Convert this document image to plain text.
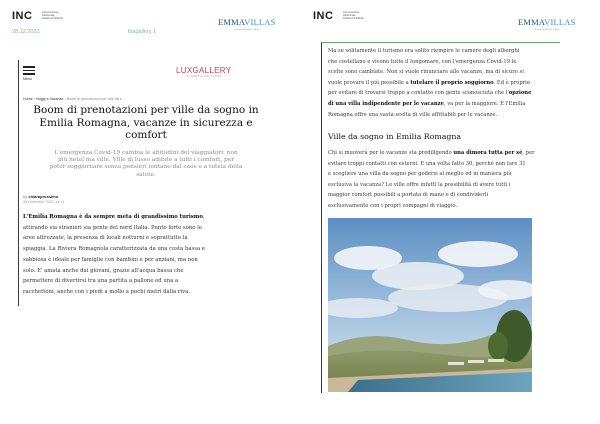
INC	Comunicazione
Istituzionale
Relazioni Pubbliche	EMMAVILLAS
dream holiday villas
28.12.2021	lbagallery 1
INC	Comunicazione
Istituzionale
Relazioni Pubbliche	EMMAVILLAS
dream holiday villas
Menu
LUXGALLERY
IL PORTALE DEL LUSSO
Home › Viaggi e Vacanze › Boom di prenotazioni per ville da s...
Boom di prenotazioni per ville da sogno in
Emilia Romagna, vacanze in sicurezza e
comfort
L'emergenza Covid-19 cambia le abitudini dei viaggiatori: non
più hotel ma ville. Ville di lusso adibite a tutti i comfort, per
poter soggiornare senza pensieri lontano dal caos e a tutela della
salute.
by chiaraprossimo
28 Dicembre 2021 14:11
L'Emilia Romagna è da sempre meta di grandissimo turismo,
attirando sia stranieri sia gente del nord Italia. Punto forte sono le
aree attrezzate, la presenza di locali notturni e soprattutto la
spiaggia. La Riviera Romagnola caratterizzata da una costa bassa e
sabbiosa è ideale per famiglie con bambini e per anziani, ma non
solo. E' amata anche dai giovani, grazie all'acqua bassa che
permettere di divertirsi tra una partita a pallone ed una a
racchettoni, anche con i piedi a mollo a pochi metri dalla riva.
Ma se solitamente il turismo era solito riempire le camere degli alberghi
che costellano e vivono tutto il lungomare, con l'emergenza Covid-19 le
scelte sono cambiate. Non si vuole rinunciare alle vacanze, ma di sicuro si
vuole provare il più possibile a tutelare il proprio soggiorno. Ed è proprio
per evitare di trovarsi troppo a contatto con gente sconosciuta che l'opzione
di una villa indipendente per le vacanze, va per la maggiore. E l'Emilia
Romagna offre una vasta scelta di ville affittabili per le vacanze.
Ville da sogno in Emilia Romagna
Chi si muoverà per le vacanze sta prediligendo una dimora tutta per sé, per
evitare troppi contatti con esterni. E una volta fatto 30, perché non fare 31
e scegliere una villa da sogno per godersi al meglio ed in maniera più
esclusiva la vacanza? Le ville offre infatti la possibilità di avere tutti i
maggior comfort possibili a portata di mano e di condividerli
esclusivamente con i propri compagni di viaggio.
